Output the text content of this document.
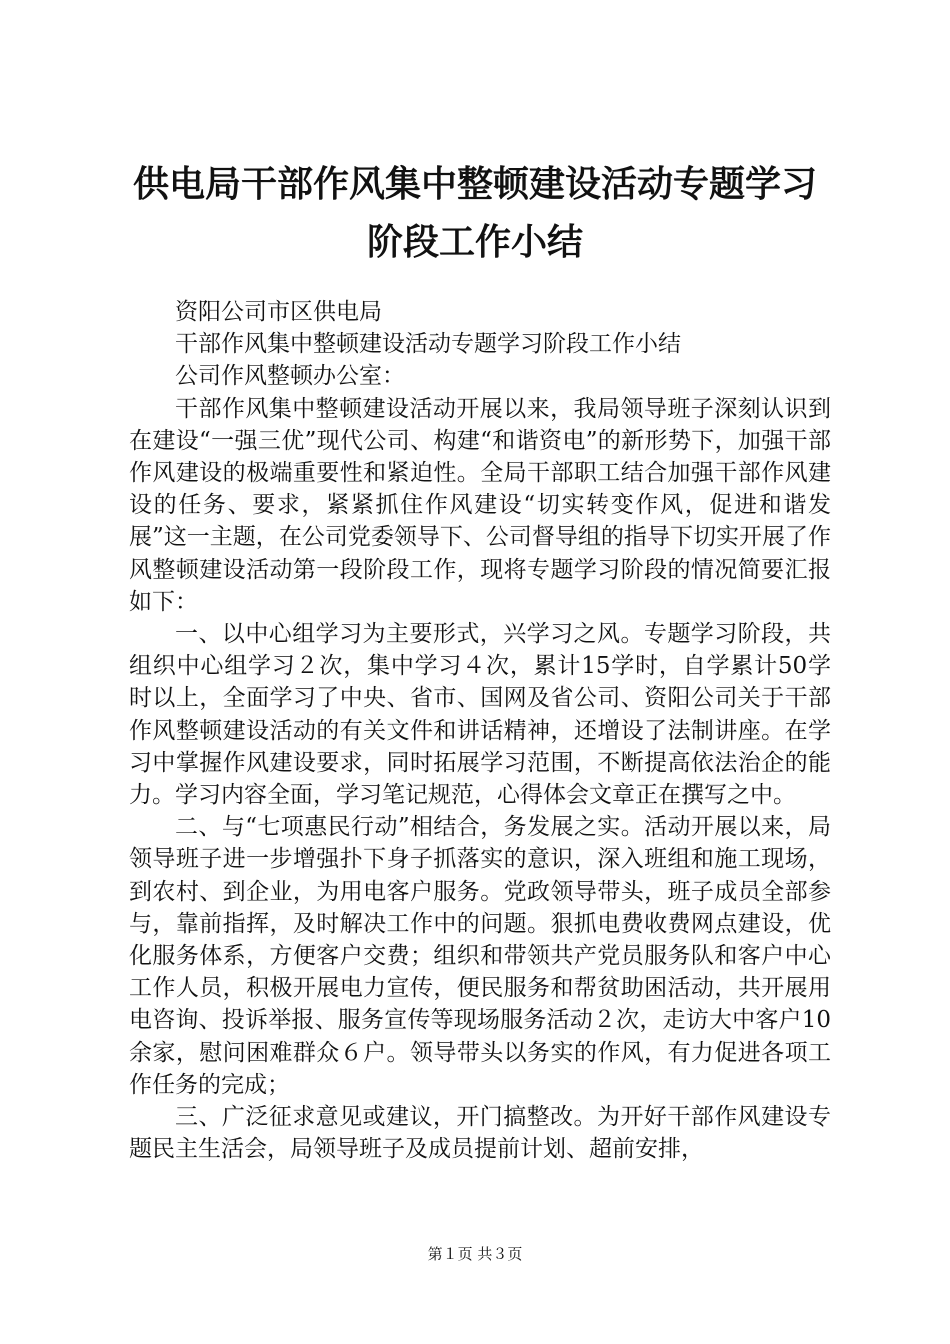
供电局干部作风集中整顿建设活动专题学习阶段工作小结

资阳公司市区供电局

干部作风集中整顿建设活动专题学习阶段工作小结

公司作风整顿办公室：

干部作风集中整顿建设活动开展以来，我局领导班子深刻认识到在建设“一强三优”现代公司、构建“和谐资电”的新形势下，加强干部作风建设的极端重要性和紧迫性。全局干部职工结合加强干部作风建设的任务、要求，紧紧抓住作风建设“切实转变作风，促进和谐发展”这一主题，在公司党委领导下、公司督导组的指导下切实开展了作风整顿建设活动第一段阶段工作，现将专题学习阶段的情况简要汇报如下：

一、以中心组学习为主要形式，兴学习之风。专题学习阶段，共组织中心组学习２次，集中学习４次，累计15学时，自学累计50学时以上，全面学习了中央、省市、国网及省公司、资阳公司关于干部作风整顿建设活动的有关文件和讲话精神，还增设了法制讲座。在学习中掌握作风建设要求，同时拓展学习范围，不断提高依法治企的能力。学习内容全面，学习笔记规范，心得体会文章正在撰写之中。

二、与“七项惠民行动”相结合，务发展之实。活动开展以来，局领导班子进一步增强扑下身子抓落实的意识，深入班组和施工现场，到农村、到企业，为用电客户服务。党政领导带头，班子成员全部参与，靠前指挥，及时解决工作中的问题。狠抓电费收费网点建设，优化服务体系，方便客户交费；组织和带领共产党员服务队和客户中心工作人员，积极开展电力宣传，便民服务和帮贫助困活动，共开展用电咨询、投诉举报、服务宣传等现场服务活动２次，走访大中客户10余家，慰问困难群众６户。领导带头以务实的作风，有力促进各项工作任务的完成；

三、广泛征求意见或建议，开门搞整改。为开好干部作风建设专题民主生活会，局领导班子及成员提前计划、超前安排，

第１页 共３页
